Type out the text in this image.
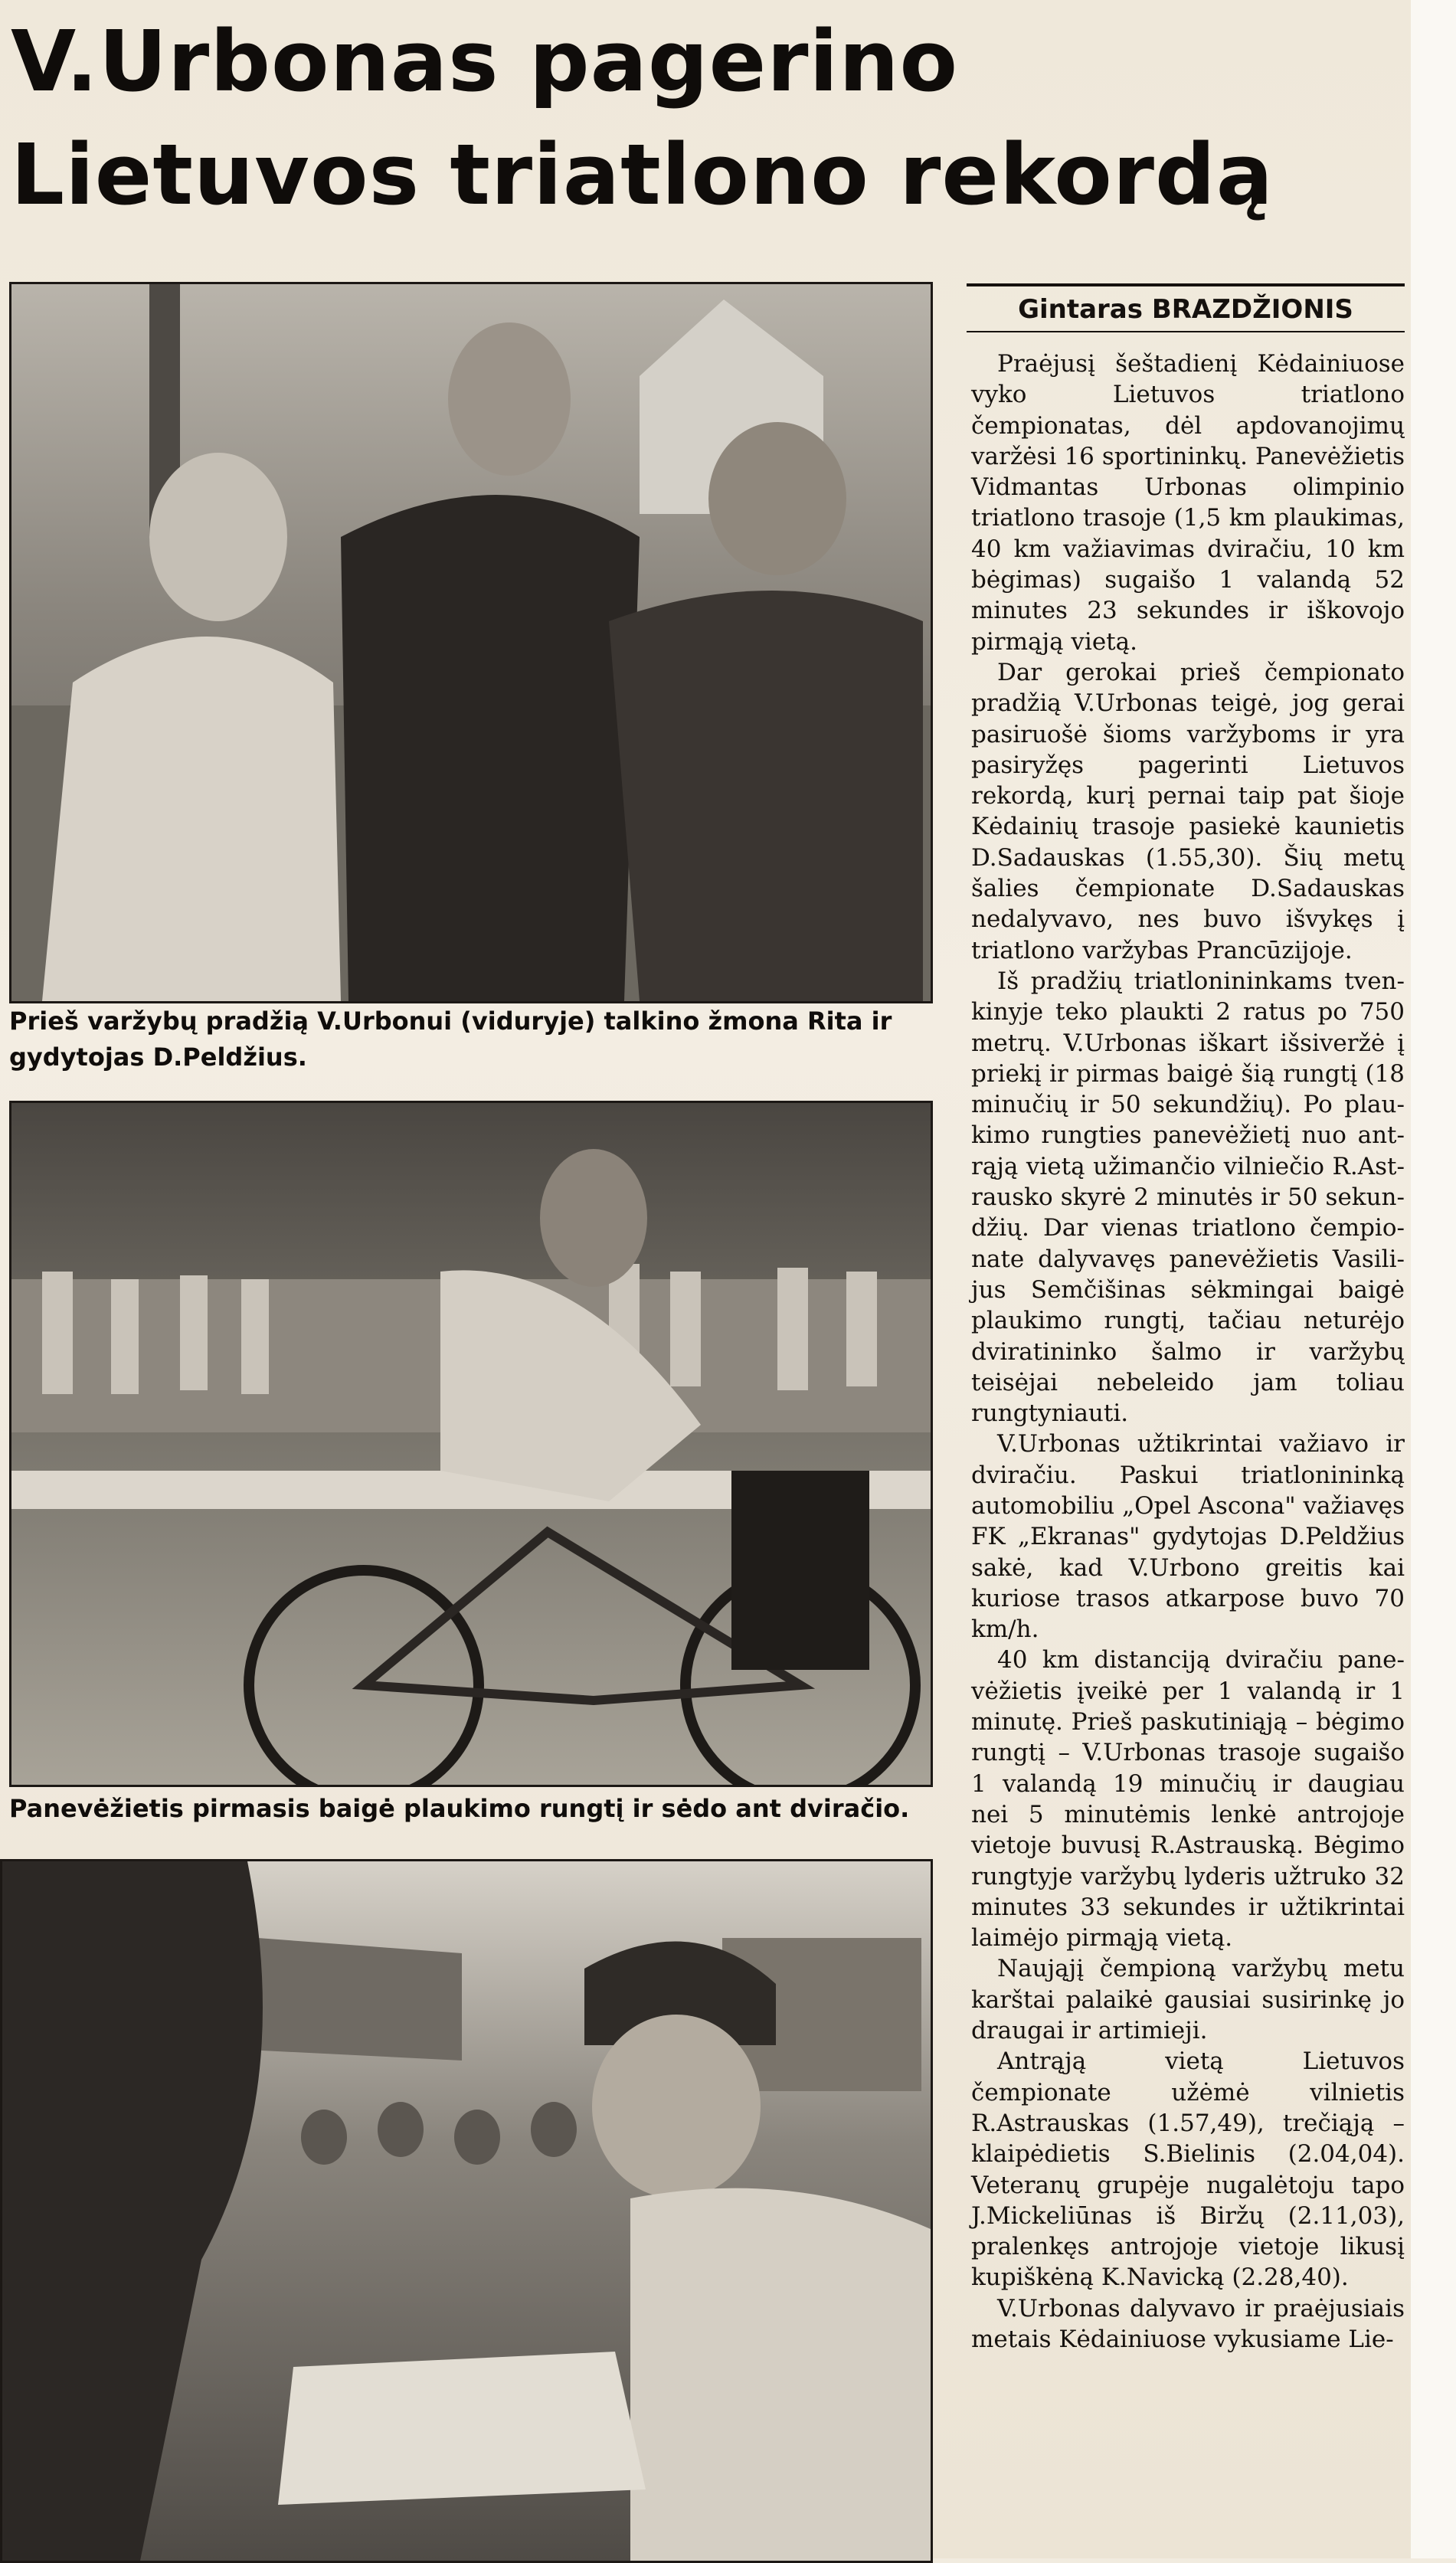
V.Urbonas pagerino
Lietuvos triatlono rekordą

Prieš varžybų pradžią V.Urbonui (viduryje) talkino žmona Rita ir gydytojas D.Peldžius.

Panevėžietis pirmasis baigė plaukimo rungtį ir sėdo ant dviračio.

Gintaras BRAZDŽIONIS

Praėjusį šeštadienį Kėdainiuose vyko Lietuvos triatlono čempionatas, dėl apdovanojimų varžėsi 16 sportininkų. Panevėžietis Vidmantas Urbonas olimpinio triatlono trasoje (1,5 km plaukimas, 40 km važiavimas dviračiu, 10 km bėgimas) sugaišo 1 valandą 52 minutes 23 sekundes ir iškovojo pirmąją vietą.

Dar gerokai prieš čempionato pradžią V.Urbonas teigė, jog gerai pasiruošė šioms varžyboms ir yra pasiryžęs pagerinti Lietuvos rekordą, kurį pernai taip pat šioje Kėdainių trasoje pasiekė kaunietis D.Sadauskas (1.55,30). Šių metų šalies čempionate D.Sadauskas nedalyvavo, nes buvo išvykęs į triatlono varžybas Prancūzijoje.

Iš pradžių triatlonininkams tvenkinyje teko plaukti 2 ratus po 750 metrų. V.Urbonas iškart išsiveržė į priekį ir pirmas baigė šią rungtį (18 minučių ir 50 sekundžių). Po plaukimo rungties panevėžietį nuo antrąją vietą užimančio vilniečio R.Astrausko skyrė 2 minutės ir 50 sekundžių. Dar vienas triatlono čempionate dalyvavęs panevėžietis Vasilijus Semčišinas sėkmingai baigė plaukimo rungtį, tačiau neturėjo dviratininko šalmo ir varžybų teisėjai nebeleido jam toliau rungtyniauti.

V.Urbonas užtikrintai važiavo ir dviračiu. Paskui triatlonininką automobiliu „Opel Ascona" važiavęs FK „Ekranas" gydytojas D.Peldžius sakė, kad V.Urbono greitis kai kuriose trasos atkarpose buvo 70 km/h.

40 km distanciją dviračiu panevėžietis įveikė per 1 valandą ir 1 minutę. Prieš paskutiniąją – bėgimo rungtį – V.Urbonas trasoje sugaišo 1 valandą 19 minučių ir daugiau nei 5 minutėmis lenkė antrojoje vietoje buvusį R.Astrauską. Bėgimo rungtyje varžybų lyderis užtruko 32 minutes 33 sekundes ir užtikrintai laimėjo pirmąją vietą.

Naująjį čempioną varžybų metu karštai palaikė gausiai susirinkę jo draugai ir artimieji.

Antrąją vietą Lietuvos čempionate užėmė vilnietis R.Astrauskas (1.57,49), trečiąją – klaipėdietis S.Bielinis (2.04,04). Veteranų grupėje nugalėtoju tapo J.Mickeliūnas iš Biržų (2.11,03), pralenkęs antrojoje vietoje likusį kupiškėną K.Navicką (2.28,40).

V.Urbonas dalyvavo ir praėjusiais metais Kėdainiuose vykusiame Lie-
